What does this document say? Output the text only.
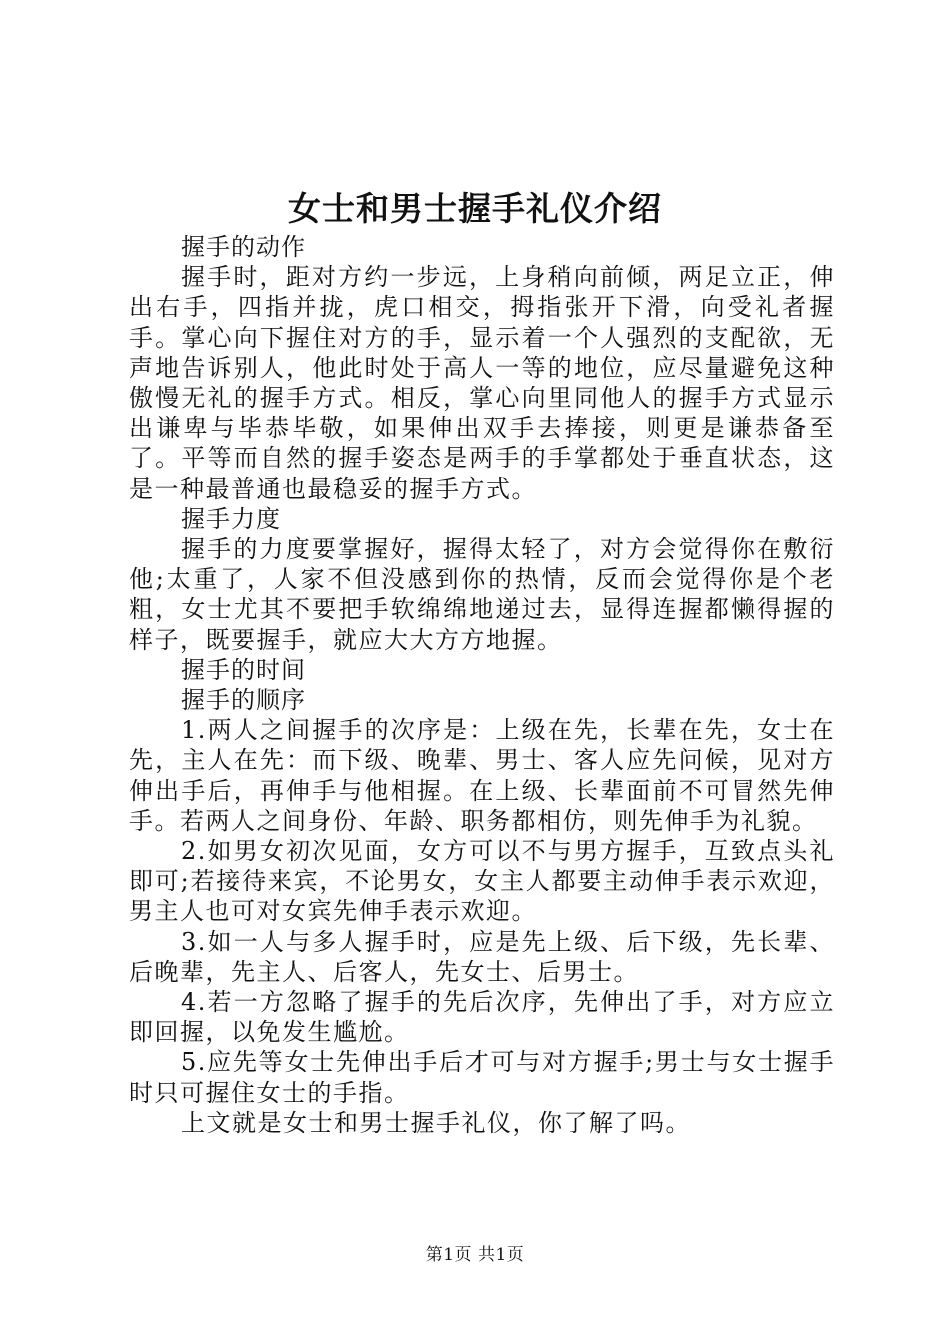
女士和男士握手礼仪介绍

握手的动作

握手时，距对方约一步远，上身稍向前倾，两足立正，伸出右手，四指并拢，虎口相交，拇指张开下滑，向受礼者握手。掌心向下握住对方的手，显示着一个人强烈的支配欲，无声地告诉别人，他此时处于高人一等的地位，应尽量避免这种傲慢无礼的握手方式。相反，掌心向里同他人的握手方式显示出谦卑与毕恭毕敬，如果伸出双手去捧接，则更是谦恭备至了。平等而自然的握手姿态是两手的手掌都处于垂直状态，这是一种最普通也最稳妥的握手方式。

握手力度

握手的力度要掌握好，握得太轻了，对方会觉得你在敷衍他;太重了，人家不但没感到你的热情，反而会觉得你是个老粗，女士尤其不要把手软绵绵地递过去，显得连握都懒得握的样子，既要握手，就应大大方方地握。

握手的时间

握手的顺序

1.两人之间握手的次序是：上级在先，长辈在先，女士在先，主人在先：而下级、晚辈、男士、客人应先问候，见对方伸出手后，再伸手与他相握。在上级、长辈面前不可冒然先伸手。若两人之间身份、年龄、职务都相仿，则先伸手为礼貌。

2.如男女初次见面，女方可以不与男方握手，互致点头礼即可;若接待来宾，不论男女，女主人都要主动伸手表示欢迎，男主人也可对女宾先伸手表示欢迎。

3.如一人与多人握手时，应是先上级、后下级，先长辈、后晚辈，先主人、后客人，先女士、后男士。

4.若一方忽略了握手的先后次序，先伸出了手，对方应立即回握，以免发生尴尬。

5.应先等女士先伸出手后才可与对方握手;男士与女士握手时只可握住女士的手指。

上文就是女士和男士握手礼仪，你了解了吗。

第1页 共1页
